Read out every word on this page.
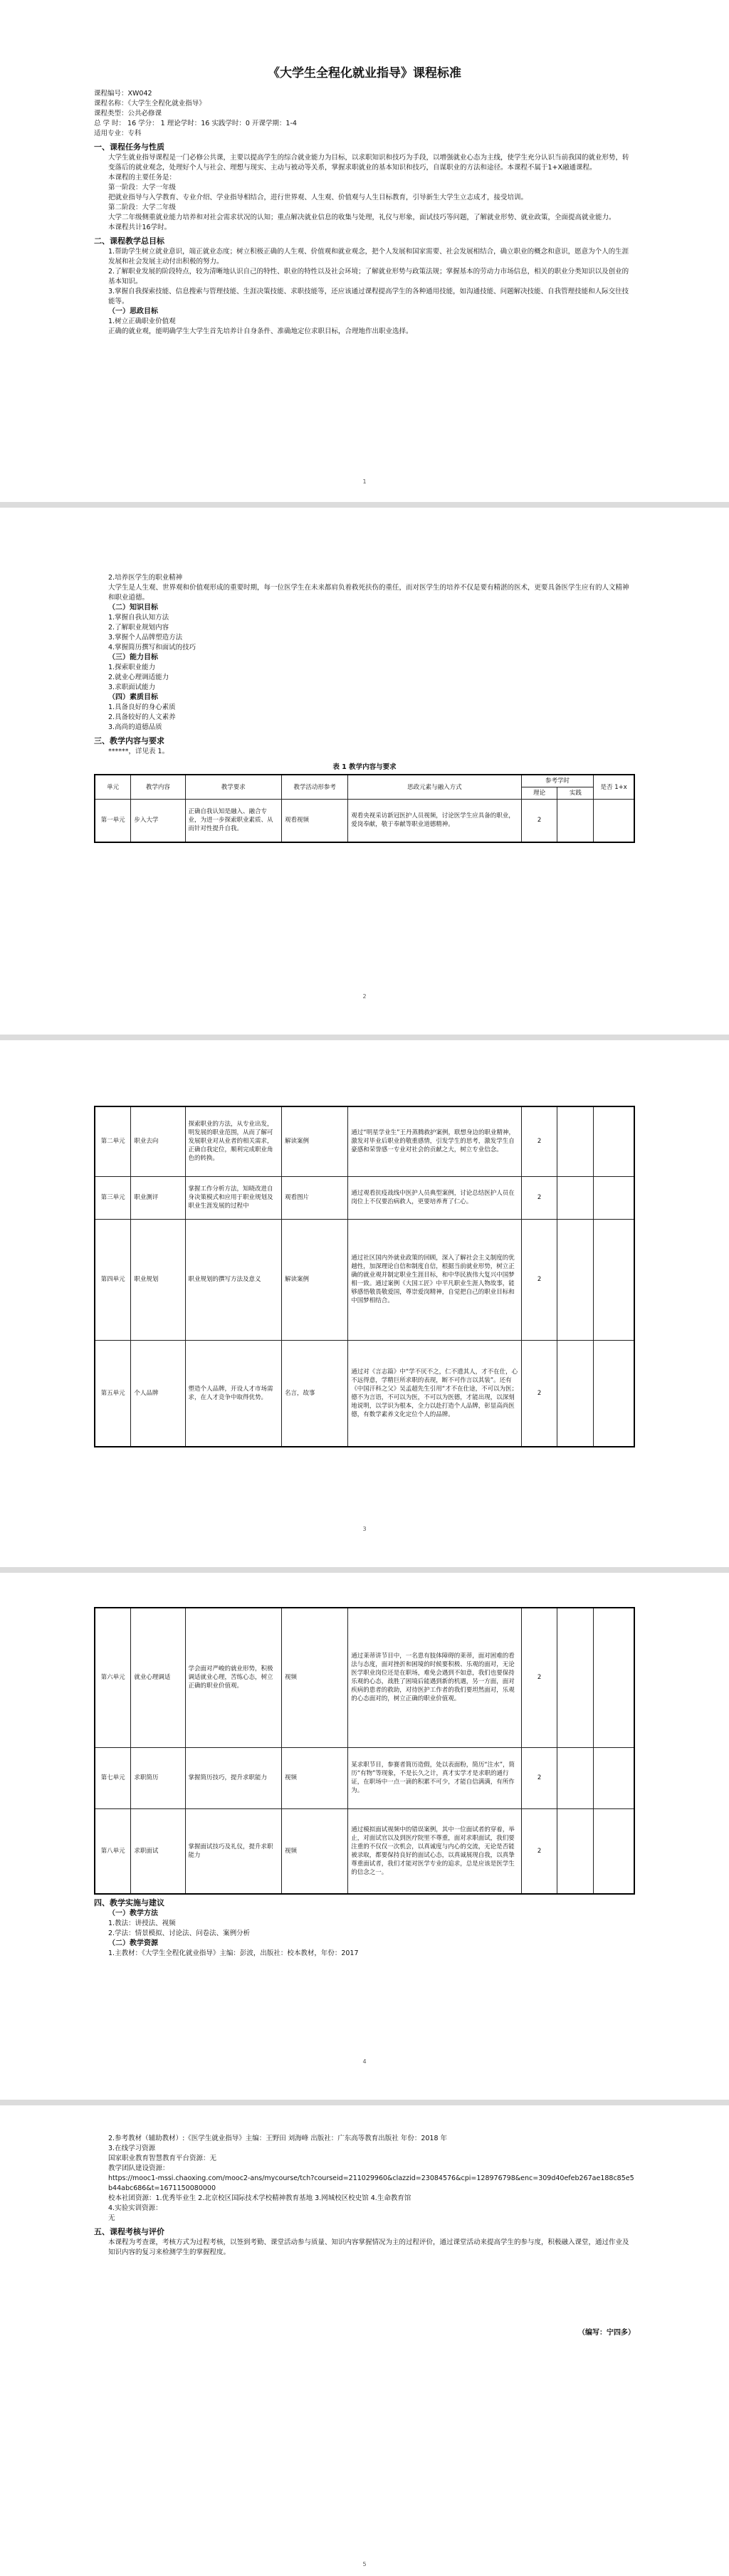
《大学生全程化就业指导》课程标准
课程编号：XW042
课程名称：《大学生全程化就业指导》
课程类型：公共必修课
总 学 时： 16 学分： 1 理论学时：16 实践学时：0 开课学期：1-4
适用专业：专科
一、课程任务与性质
大学生就业指导课程是一门必修公共课，主要以提高学生的综合就业能力为目标，以求职知识和技巧为手段，以增强就业心态为主线，使学生充分认识当前我国的就业形势，转变落后的就业观念，处理好个人与社会、理想与现实、主动与被动等关系，掌握求职就业的基本知识和技巧，自谋职业的方法和途径。本课程不属于1+X融通课程。
本课程的主要任务是：
第一阶段：大学一年级
把就业指导与入学教育、专业介绍、学业指导相结合，进行世界观、人生观、价值观与人生目标教育，引导新生大学生立志成才，接受培训。
第二阶段：大学二年级
大学二年级侧重就业能力培养和对社会需求状况的认知；重点解决就业信息的收集与处理，礼仪与形象，面试技巧等问题，了解就业形势、就业政策，全面提高就业能力。
本课程共计16学时。
二、课程教学总目标
1.帮助学生树立就业意识，端正就业态度；树立积极正确的人生观、价值观和就业观念，把个人发展和国家需要、社会发展相结合，确立职业的概念和意识，愿意为个人的生涯发展和社会发展主动付出积极的努力。
2.了解职业发展的阶段特点，较为清晰地认识自己的特性、职业的特性以及社会环境；了解就业形势与政策法规；掌握基本的劳动力市场信息，相关的职业分类知识以及创业的基本知识。
3.掌握自我探索技能、信息搜索与管理技能、生涯决策技能、求职技能等，还应该通过课程提高学生的各种通用技能，如沟通技能、问题解决技能、自我管理技能和人际交往技能等。
（一）思政目标
1.树立正确职业价值观
正确的就业观，能明确学生大学生首先培养计自身条件、准确地定位求职目标，合理地作出职业选择。
1
2.培养医学生的职业精神
大学生是人生观、世界观和价值观形成的重要时期，每一位医学生在未来都肩负着救死扶伤的重任，而对医学生的培养不仅是要有精湛的医术，更要具备医学生应有的人文精神和职业道德。
（二）知识目标
1.掌握自我认知方法
2.了解职业规划内容
3.掌握个人品牌塑造方法
4.掌握简历撰写和面试的技巧
（三）能力目标
1.探索职业能力
2.就业心理调适能力
3.求职面试能力
（四）素质目标
1.具备良好的身心素质
2.具备较好的人文素养
3.高尚的道德品质
三、教学内容与要求
******，详见表 1。
表 1 教学内容与要求
单元	教学内容	教学要求	教学活动形参考	思政元素与融入方式	参考学时		是否 1+x
					理论	实践	
第一单元	步入大学	正确自我认知是融入、融合专业，为进一步探索职业素质、从而针对性提升自我。	观看视频	观看央视采访新冠医护人员视频，讨论医学生应具备的职业，爱岗奉献，敬于奉献等职业道德精神。	2		
2
第二单元	职业去向	探索职业的方法，从专业出发，明发展的职业范围，从而了解可发展职业对从业者的相关需求，正确自我定位，顺利完成职业角色的转换。	解读案例	通过“明星学业生”王丹蒸腾救护案例，联想身边的职业精神，激发对毕业后职业的敬重感情，引发学生的思考，激发学生自豪感和荣誉感一专业对社会的贡献之大，树立专业信念。	2		
第三单元	职业测评	掌握工作分析方法，知晓改进自身决策模式和应用于职业规划及职业生涯发展的过程中	观看图片	通过观看抗疫战线中医护人员典型案例，讨论总结医护人员在岗位上不仅要治病救人，更要培养育了仁心。	2		
第四单元	职业规划	职业规划的撰写方法及意义	解读案例	通过社区国内外就业政策的回顾，深入了解社会主义制度的优越性，加深理论自信和制度自信，根据当前就业形势，树立正确的就业观并制定职业生涯目标，和中华民族伟大复兴中国梦相一致。通过案例《大国工匠》中平凡职业生涯人物故事，能够感悟敬畏敬爱国，尊崇爱岗精神，自觉把自己的职业目标和中国梦相结合。	2		
第五单元	个人品牌	塑造个人品牌，开设人才市场需求，在人才竞争中取得优势。	名言，故事	通过对《言志篇》中“学不厌不之，仁不遗其人，才不在仕，心不远得意，学精巨所求职的表现，断不可作言以其装”。还有《中国汗科之父》吴孟超先生引用“才不在仕途，不可以为医；德不为言语，不可以为医，不可以为医德，才能出现，以深刻地说明，以学识为根本，全力以赴打造个人品牌，彰显高尚医德，有数学素养文化定位个人的品牌。	2		
3
第六单元	就业心理调适	学会面对严峻的就业形势，积极调适就业心理，苦练心态，树立正确的职业价值观。	视频	通过莱蒂讲节目中，一名患有肢体障碍的莱蒂，面对困难的看法与态度，面对挫折和困境的时候要积极、乐观的面对，无论医学职业岗位还是在职场，难免会遇到不如意，我们也要保持乐观的心态，战胜了困境后能遇到新的机遇，另一方面，面对疾病的患者的救助，对待医护工作者的我们要坦然面对，乐观的心态面对的，树立正确的职业价值观。	2		
第七单元	求职简历	掌握简历技巧，提升求职能力	视频	某求职节目，参赛者简历造假，处以表面粉，简历“注水”，简历“有物”等现象，不是长久之计，真才实学才是求职的通行证，在职场中一点一滴的积累不可少，才能自信满满，有所作为。	2		
第八单元	求职面试	掌握面试技巧及礼仪，提升求职能力	视频	通过模拟面试视频中的错误案例，其中一位面试者的穿着，举止，对面试官以及到医疗院里不尊重，面对求职面试，我们要注重的不仅仅一次机会，以真诚度与内心的交流，无论是否能被录取，都要保持良好的面试心态，以真诚展现自我，以真挚尊重面试者，我们才能对医学专业的追求，总是应该是医学生的信念之一。	2		
四、教学实施与建议
（一）教学方法
1.教法：讲授法、视频
2.学法：情景模拟、讨论法、问卷法、案例分析
（二）教学资源
1.主教材：《大学生全程化就业指导》主编：彭波，出版社：校本教材，年份：2017
4
2.参考教材（辅助教材）:《医学生就业指导》主编：王野田 刘海峰 出版社：广东高等教育出版社 年份：2018 年
3.在线学习资源
国家职业教育智慧教育平台资源：无
教学团队建设资源：
https://mooc1-mssi.chaoxing.com/mooc2-ans/mycourse/tch?courseid=211029960&clazzid=23084576&cpi=128976798&enc=309d40efeb267ae188c85e5b44abc686&t=1671150080000
校本社团资源：1.优秀毕业生 2.北京校区国际技术学校精神教育基地 3.网城校区校史馆 4.生命教育馆
4.实验实训资源：
无
五、课程考核与评价
本课程为考查课，考核方式为过程考核，以签到考勤、课堂活动参与质量、知识内容掌握情况为主的过程评价，通过课堂活动来提高学生的参与度，积极融入课堂，通过作业及知识内容的复习来检测学生的掌握程度。
（编写：宁四多）
5
